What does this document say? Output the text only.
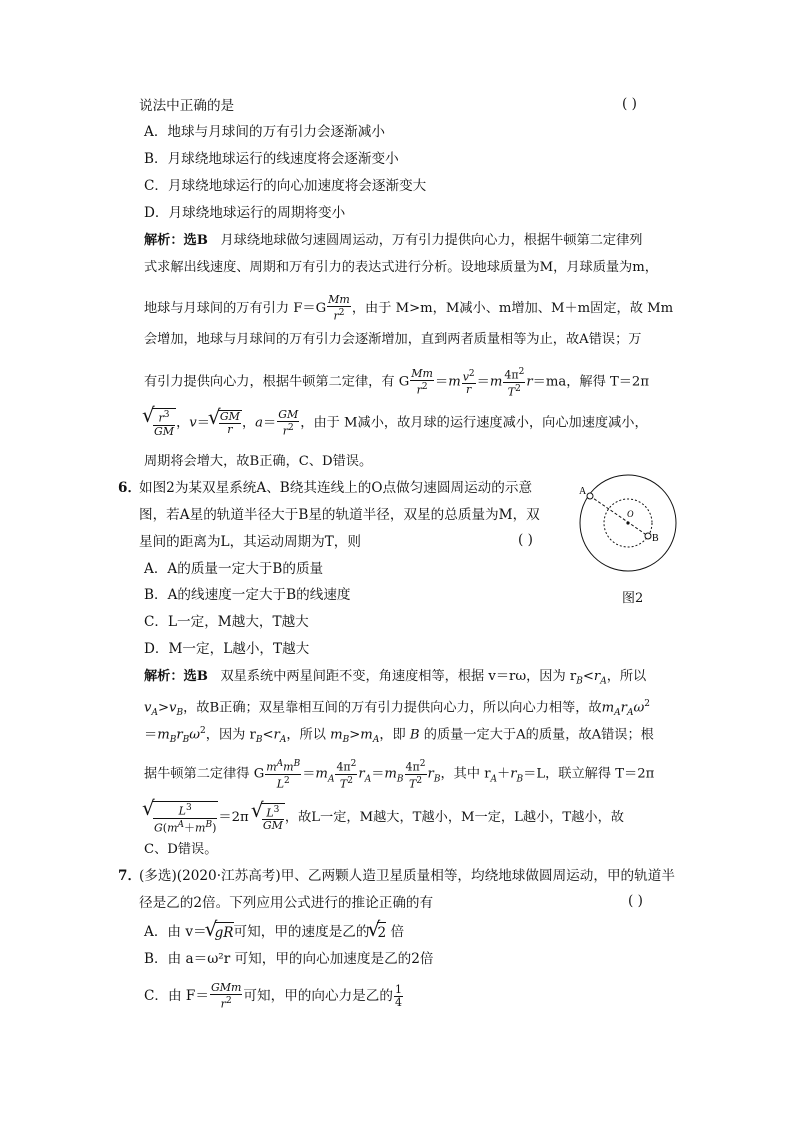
说法中正确的是	( )
A．地球与月球间的万有引力会逐渐减小
B．月球绕地球运行的线速度将会逐渐变小
C．月球绕地球运行的向心加速度将会逐渐变大
D．月球绕地球运行的周期将变小
解析：选B 月球绕地球做匀速圆周运动，万有引力提供向心力，根据牛顿第二定律列
式求解出线速度、周期和万有引力的表达式进行分析。设地球质量为M，月球质量为m，
地球与月球间的万有引力 $F=G \frac{Mm}{r^2}$ ，由于 M>m，M减小、m增加、M＋m固定，故 Mm
会增加，地球与月球间的万有引力会逐渐增加，直到两者质量相等为止，故A错误；万
有引力提供向心力，根据牛顿第二定律，有 G $\frac{Mm}{r^2} =m \frac{v^2}{r} =m \frac{4\pi^2}{T^2} r=ma$，解得 T＝2π
√ $\frac{r^3}{GM}$ ，v＝ √ $\frac{GM}{r}$ ，$a= \frac{GM}{r^2}$ ，由于 M减小，故月球的运行速度减小，向心加速度减小，
周期将会增大，故B正确，C、D错误。
6．
如图2为某双星系统A、B绕其连线上的O点做匀速圆周运动的示意
图，若A星的轨道半径大于B星的轨道半径，双星的总质量为M，双
星间的距离为L，其运动周期为T，则	( )
A．A的质量一定大于B的质量
B．A的线速度一定大于B的线速度
C．L一定，M越大，T越大
D．M一定，L越小，T越大
A
B
O
图2
解析：选B 双星系统中两星间距不变，角速度相等，根据 v＝rω，因为 $r_B<r_A$，所以
$v_A>v_B$，故B正确；双星靠相互间的万有引力提供向心力，所以向心力相等，故$m_Ar_A\omega^2$
$=m_Br_B\omega^2$，因为 $r_B<r_A$，所以 $m_B>m_A$，即 B 的质量一定大于A的质量，故A错误；根
据牛顿第二定律得 G $\frac{m^Am^B}{L^2} =m_A \frac{4\pi^2}{T^2} r_A=m_B \frac{4\pi^2}{T^2} r_B$，其中 $r_A+r_B=L$，联立解得 T＝2π
√ $\frac{L^3}{G(m^A+m^B)} =2\pi$ √ $\frac{L^3}{GM}$ ，故L一定，M越大，T越小，M一定，L越小，T越小，故
C、D错误。
7．
(多选)(2020·江苏高考)甲、乙两颗人造卫星质量相等，均绕地球做圆周运动，甲的轨道半
径是乙的2倍。下列应用公式进行的推论正确的有	( )
A．由 v＝ √ gR可知，甲的速度是乙的 √ 2 倍
B．由 a＝ω²r 可知，甲的向心加速度是乙的2倍
C．由 $F= \frac{\text{GMm}}{r^2}$ 可知，甲的向心力是乙的 $\frac{1}{4}$
